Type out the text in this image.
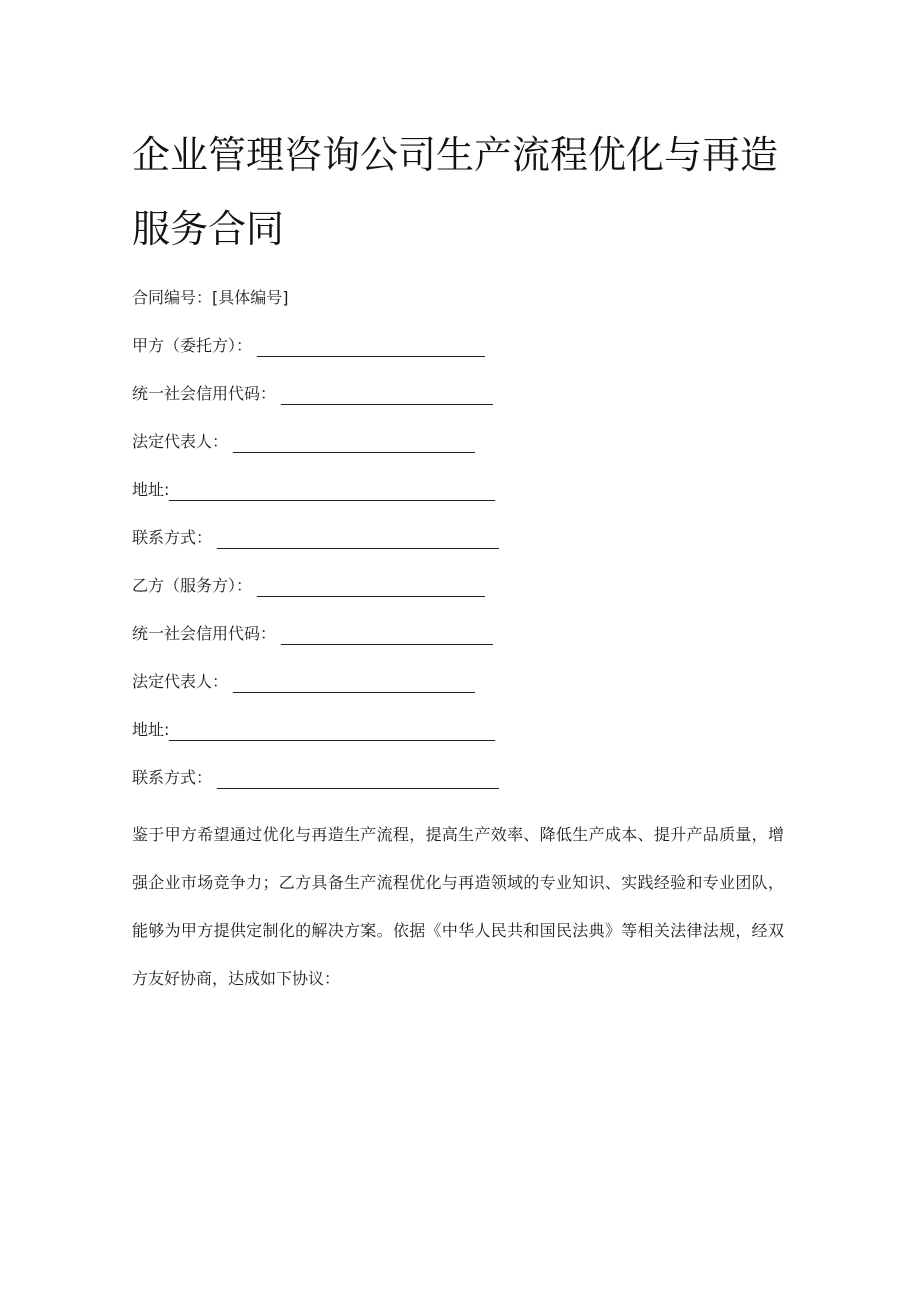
企业管理咨询公司生产流程优化与再造服务合同
合同编号：[具体编号]
甲方（委托方）：
统一社会信用代码：
法定代表人：
地址:
联系方式：
乙方（服务方）：
统一社会信用代码：
法定代表人：
地址:
联系方式：

鉴于甲方希望通过优化与再造生产流程，提高生产效率、降低生产成本、提升产品质量，增强企业市场竞争力；乙方具备生产流程优化与再造领域的专业知识、实践经验和专业团队，能够为甲方提供定制化的解决方案。依据《中华人民共和国民法典》等相关法律法规，经双方友好协商，达成如下协议：
